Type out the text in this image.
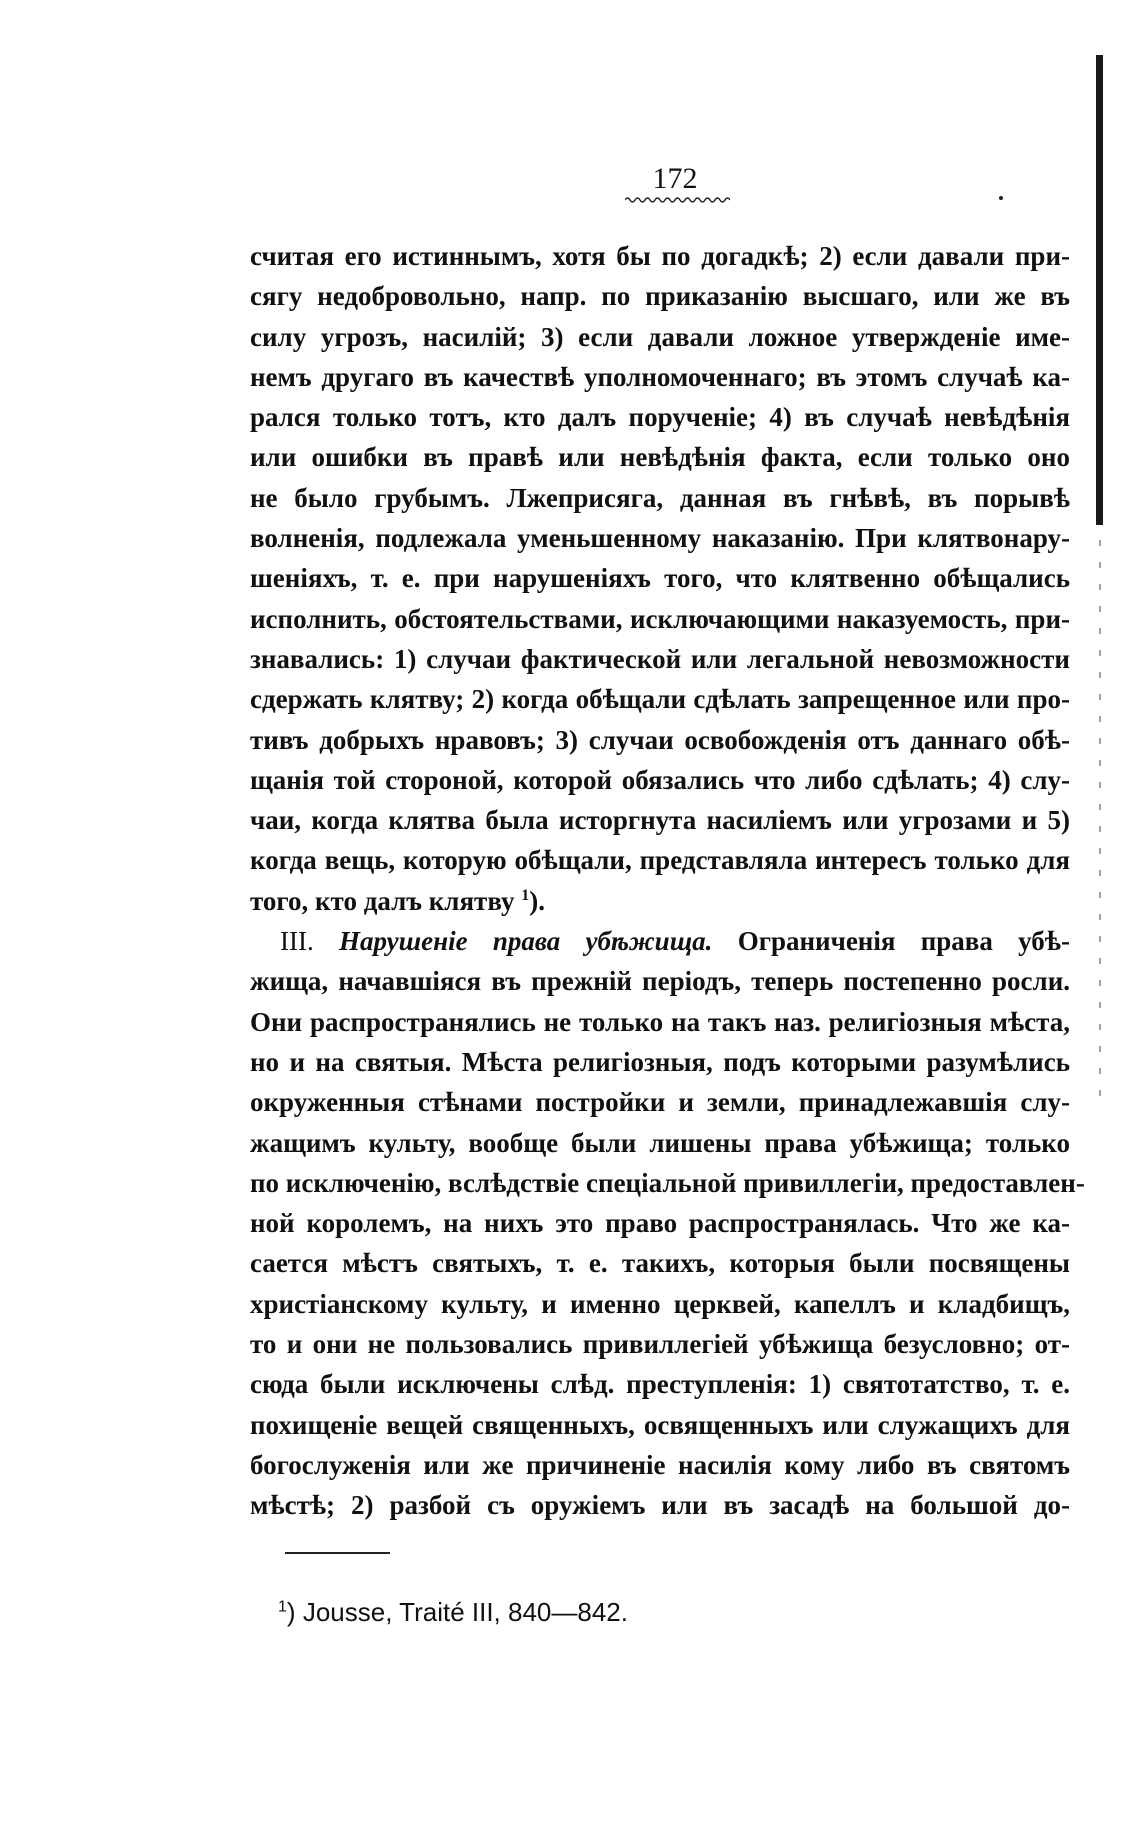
172
считая его истиннымъ, хотя бы по догадкѣ; 2) если давали при-
сягу недобровольно, напр. по приказанію высшаго, или же въ
силу угрозъ, насилій; 3) если давали ложное утвержденіе име-
немъ другаго въ качествѣ уполномоченнаго; въ этомъ случаѣ ка-
рался только тотъ, кто далъ порученіе; 4) въ случаѣ невѣдѣнія
или ошибки въ правѣ или невѣдѣнія факта, если только оно
не было грубымъ. Лжеприсяга, данная въ гнѣвѣ, въ порывѣ
волненія, подлежала уменьшенному наказанію. При клятвонару-
шеніяхъ, т. е. при нарушеніяхъ того, что клятвенно обѣщались
исполнить, обстоятельствами, исключающими наказуемость, при-
знавались: 1) случаи фактической или легальной невозможности
сдержать клятву; 2) когда обѣщали сдѣлать запрещенное или про-
тивъ добрыхъ нравовъ; 3) случаи освобожденія отъ даннаго обѣ-
щанія той стороной, которой обязались что либо сдѣлать; 4) слу-
чаи, когда клятва была исторгнута насиліемъ или угрозами и 5)
когда вещь, которую обѣщали, представляла интересъ только для
того, кто далъ клятву $^1$).
III. Нарушеніе права убѣжища. Ограниченія права убѣ-
жища, начавшіяся въ прежній періодъ, теперь постепенно росли.
Они распространялись не только на такъ наз. религіозныя мѣста,
но и на святыя. Мѣста религіозныя, подъ которыми разумѣлись
окруженныя стѣнами постройки и земли, принадлежавшія слу-
жащимъ культу, вообще были лишены права убѣжища; только
по исключенію, вслѣдствіе спеціальной привиллегіи, предоставлен-
ной королемъ, на нихъ это право распространялась. Что же ка-
сается мѣстъ святыхъ, т. е. такихъ, которыя были посвящены
христіанскому культу, и именно церквей, капеллъ и кладбищъ,
то и они не пользовались привиллегіей убѣжища безусловно; от-
сюда были исключены слѣд. преступленія: 1) святотатство, т. е.
похищеніе вещей священныхъ, освященныхъ или служащихъ для
богослуженія или же причиненіе насилія кому либо въ святомъ
мѣстѣ; 2) разбой съ оружіемъ или въ засадѣ на большой до-
$^1$) Jousse, Traité III, 840—842.
